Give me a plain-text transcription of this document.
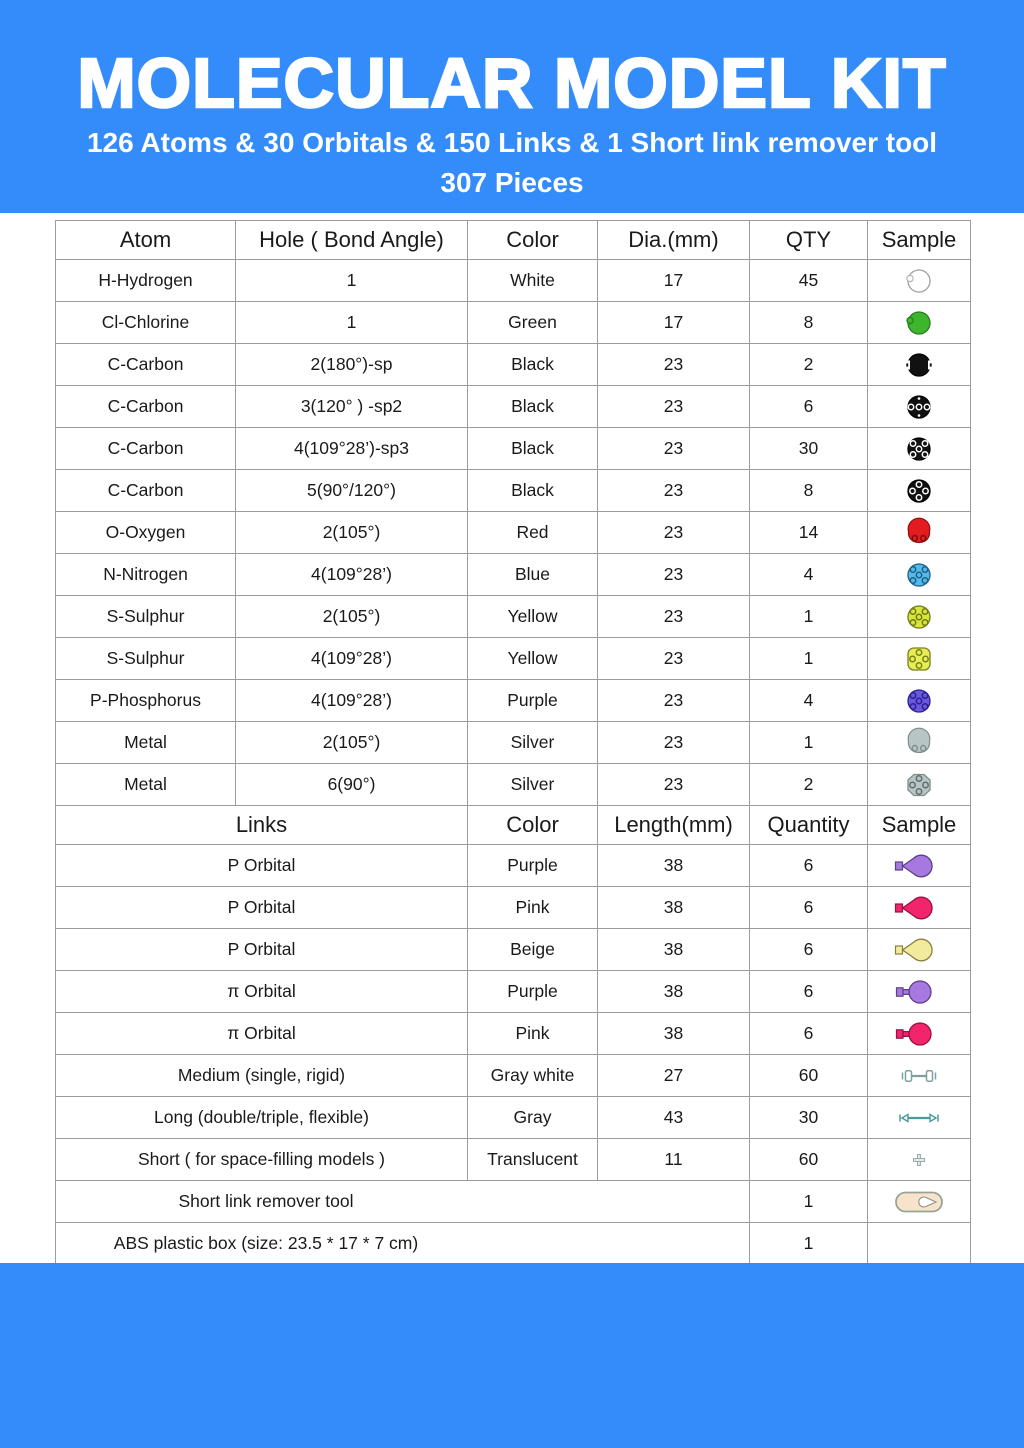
MOLECULAR MODEL KIT
126 Atoms & 30 Orbitals & 150 Links & 1 Short link remover tool
307 Pieces
Atom	Hole ( Bond Angle)	Color	Dia.(mm)	QTY	Sample
H-Hydrogen	1	White	17	45	
Cl-Chlorine	1	Green	17	8	
C-Carbon	2(180°)-sp	Black	23	2	
C-Carbon	3(120° ) -sp2	Black	23	6	
C-Carbon	4(109°28’)-sp3	Black	23	30	
C-Carbon	5(90°/120°)	Black	23	8	
O-Oxygen	2(105°)	Red	23	14	
N-Nitrogen	4(109°28’)	Blue	23	4	
S-Sulphur	2(105°)	Yellow	23	1	
S-Sulphur	4(109°28’)	Yellow	23	1	
P-Phosphorus	4(109°28’)	Purple	23	4	
Metal	2(105°)	Silver	23	1	
Metal	6(90°)	Silver	23	2	
Links		Color	Length(mm)	Quantity	Sample
P Orbital		Purple	38	6	
P Orbital		Pink	38	6	
P Orbital		Beige	38	6	
π Orbital		Purple	38	6	
π Orbital		Pink	38	6	
Medium (single, rigid)		Gray white	27	60	
Long (double/triple, flexible)		Gray	43	30	
Short ( for space-filling models )		Translucent	11	60	

Short link remover tool				1	

ABS plastic box (size: 23.5 * 17 * 7 cm)				1	
